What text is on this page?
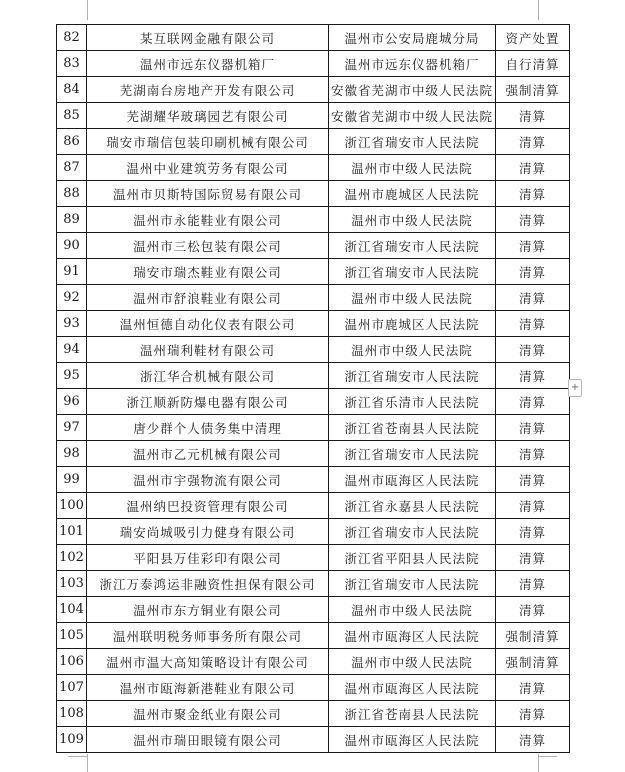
82	某互联网金融有限公司	温州市公安局鹿城分局	资产处置
83	温州市远东仪器机箱厂	温州市远东仪器机箱厂	自行清算
84	芜湖南台房地产开发有限公司	安徽省芜湖市中级人民法院	强制清算
85	芜湖耀华玻璃园艺有限公司	安徽省芜湖市中级人民法院	清算
86	瑞安市瑞信包装印刷机械有限公司	浙江省瑞安市人民法院	清算
87	温州中业建筑劳务有限公司	温州市中级人民法院	清算
88	温州市贝斯特国际贸易有限公司	温州市鹿城区人民法院	清算
89	温州市永能鞋业有限公司	温州市中级人民法院	清算
90	温州市三松包装有限公司	浙江省瑞安市人民法院	清算
91	瑞安市瑞杰鞋业有限公司	浙江省瑞安市人民法院	清算
92	温州市舒浪鞋业有限公司	温州市中级人民法院	清算
93	温州恒德自动化仪表有限公司	温州市鹿城区人民法院	清算
94	温州瑞利鞋材有限公司	温州市中级人民法院	清算
95	浙江华合机械有限公司	浙江省瑞安市人民法院	清算
96	浙江顺新防爆电器有限公司	浙江省乐清市人民法院	清算
97	唐少群个人债务集中清理	浙江省苍南县人民法院	清算
98	温州市乙元机械有限公司	浙江省瑞安市人民法院	清算
99	温州市宇强物流有限公司	温州市瓯海区人民法院	清算
100	温州纳巴投资管理有限公司	浙江省永嘉县人民法院	清算
101	瑞安尚城吸引力健身有限公司	浙江省瑞安市人民法院	清算
102	平阳县万佳彩印有限公司	浙江省平阳县人民法院	清算
103	浙江万泰鸿运非融资性担保有限公司	浙江省瑞安市人民法院	清算
104	温州市东方铜业有限公司	温州市中级人民法院	清算
105	温州联明税务师事务所有限公司	温州市瓯海区人民法院	强制清算
106	温州市温大高知策略设计有限公司	温州市中级人民法院	强制清算
107	温州市瓯海新港鞋业有限公司	温州市瓯海区人民法院	清算
108	温州市聚金纸业有限公司	浙江省苍南县人民法院	清算
109	温州市瑞田眼镜有限公司	温州市瓯海区人民法院	清算
+
